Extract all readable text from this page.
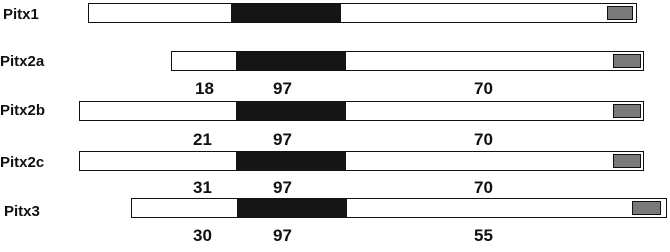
Pitx1
Pitx2a
18	97	70
Pitx2b
21	97	70
Pitx2c
31	97	70
Pitx3
30	97	55
